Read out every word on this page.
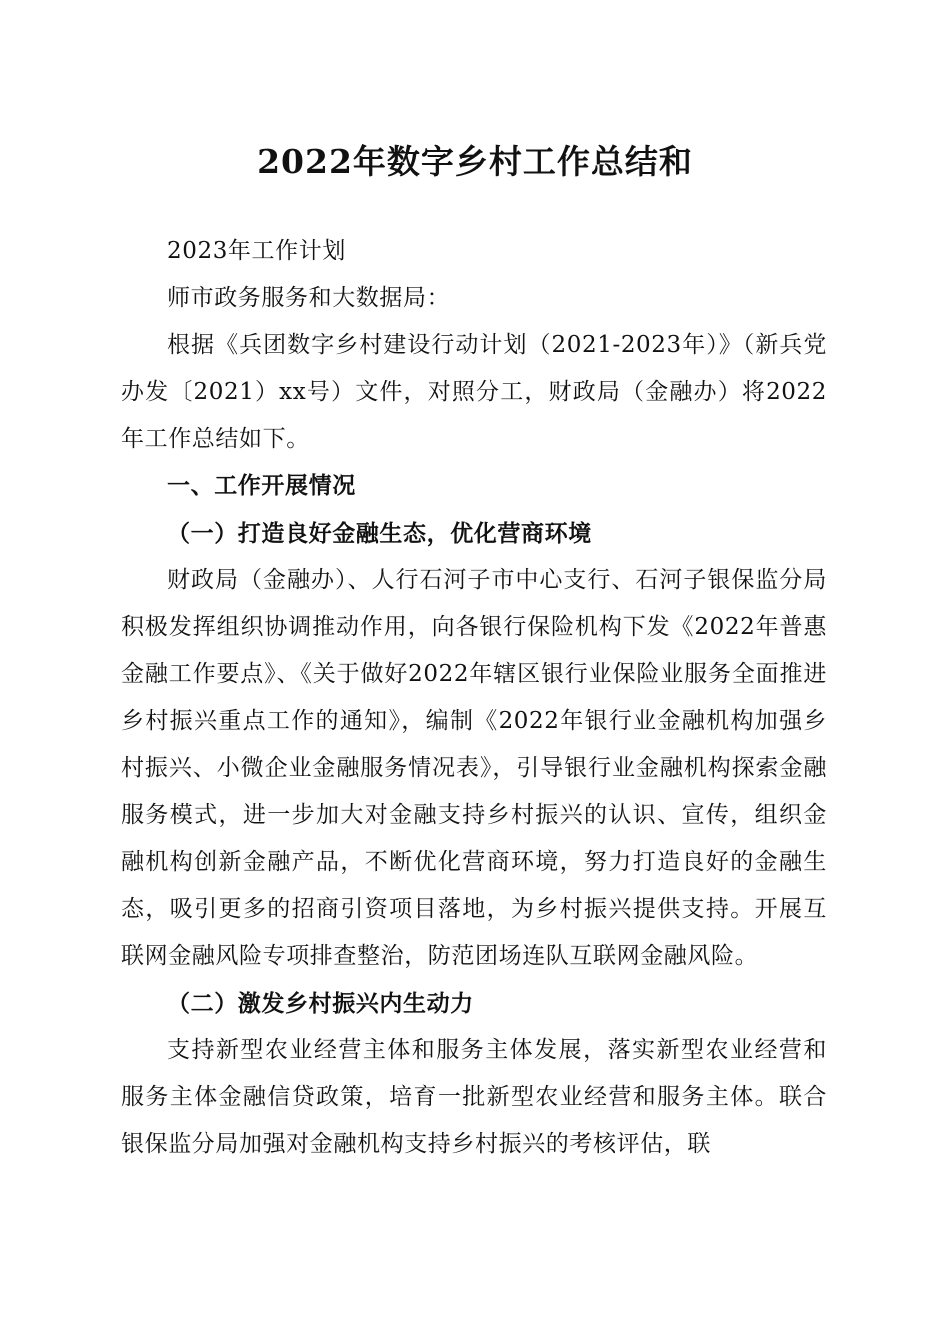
2022年数字乡村工作总结和

2023年工作计划

师市政务服务和大数据局：

根据《兵团数字乡村建设行动计划（2021-2023年）》（新兵党办发〔2021）xx号）文件，对照分工，财政局（金融办）将2022年工作总结如下。

一、工作开展情况

（一）打造良好金融生态，优化营商环境

财政局（金融办）、人行石河子市中心支行、石河子银保监分局积极发挥组织协调推动作用，向各银行保险机构下发《2022年普惠金融工作要点》、《关于做好2022年辖区银行业保险业服务全面推进乡村振兴重点工作的通知》，编制《2022年银行业金融机构加强乡村振兴、小微企业金融服务情况表》，引导银行业金融机构探索金融服务模式，进一步加大对金融支持乡村振兴的认识、宣传，组织金融机构创新金融产品，不断优化营商环境，努力打造良好的金融生态，吸引更多的招商引资项目落地，为乡村振兴提供支持。开展互联网金融风险专项排查整治，防范团场连队互联网金融风险。

（二）激发乡村振兴内生动力

支持新型农业经营主体和服务主体发展，落实新型农业经营和服务主体金融信贷政策，培育一批新型农业经营和服务主体。联合银保监分局加强对金融机构支持乡村振兴的考核评估，联
